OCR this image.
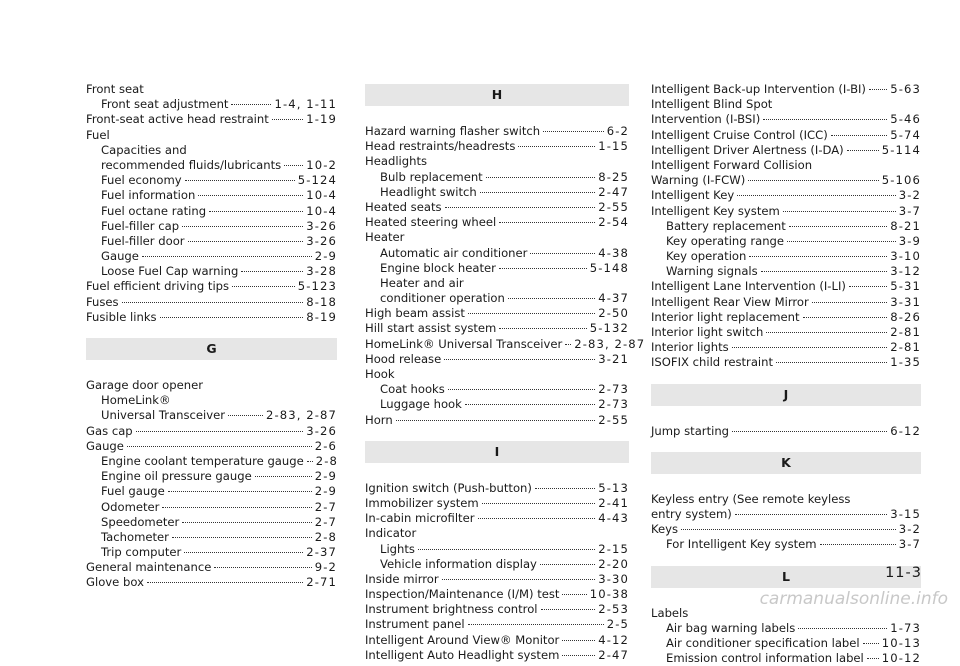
Front seat
Front seat adjustment	1-4, 1-11
Front-seat active head restraint	1-19
Fuel
Capacities and
recommended fluids/lubricants 10-2
Fuel economy	5-124
Fuel information	10-4
Fuel octane rating	10-4
Fuel-filler cap	3-26
Fuel-filler door	3-26
Gauge	2-9
Loose Fuel Cap warning	3-28
Fuel efficient driving tips	5-123
Fuses	8-18
Fusible links	8-19
G
Garage door opener
HomeLink®
Universal Transceiver	2-83, 2-87
Gas cap	3-26
Gauge	2-6
Engine coolant temperature gauge 2-8
Engine oil pressure gauge	2-9
Fuel gauge	2-9
Odometer	2-7
Speedometer	2-7
Tachometer	2-8
Trip computer	2-37
General maintenance	9-2
Glove box	2-71
H
Hazard warning flasher switch	6-2
Head restraints/headrests	1-15
Headlights
Bulb replacement	8-25
Headlight switch	2-47
Heated seats	2-55
Heated steering wheel	2-54
Heater
Automatic air conditioner	4-38
Engine block heater	5-148
Heater and air
conditioner operation	4-37
High beam assist	2-50
Hill start assist system	5-132
HomeLink® Universal Transceiver 2-83, 2-87
Hood release	3-21
Hook
Coat hooks	2-73
Luggage hook	2-73
Horn	2-55
I
Ignition switch (Push-button)	5-13
Immobilizer system	2-41
In-cabin microfilter	4-43
Indicator
Lights	2-15
Vehicle information display	2-20
Inside mirror	3-30
Inspection/Maintenance (I/M) test	10-38
Instrument brightness control	2-53
Instrument panel	2-5
Intelligent Around View® Monitor	4-12
Intelligent Auto Headlight system	2-47
Intelligent Back-up Intervention (I-BI) 5-63
Intelligent Blind Spot
Intervention (I-BSI)	5-46
Intelligent Cruise Control (ICC)	5-74
Intelligent Driver Alertness (I-DA)	5-114
Intelligent Forward Collision
Warning (I-FCW)	5-106
Intelligent Key	3-2
Intelligent Key system	3-7
Battery replacement	8-21
Key operating range	3-9
Key operation	3-10
Warning signals	3-12
Intelligent Lane Intervention (I-LI)	5-31
Intelligent Rear View Mirror	3-31
Interior light replacement	8-26
Interior light switch	2-81
Interior lights	2-81
ISOFIX child restraint	1-35
J
Jump starting	6-12
K
Keyless entry (See remote keyless
entry system)	3-15
Keys	3-2
For Intelligent Key system	3-7
L
Labels
Air bag warning labels	1-73
Air conditioner specification label 10-13
Emission control information label 10-12
11-3
carmanualsonline.info
